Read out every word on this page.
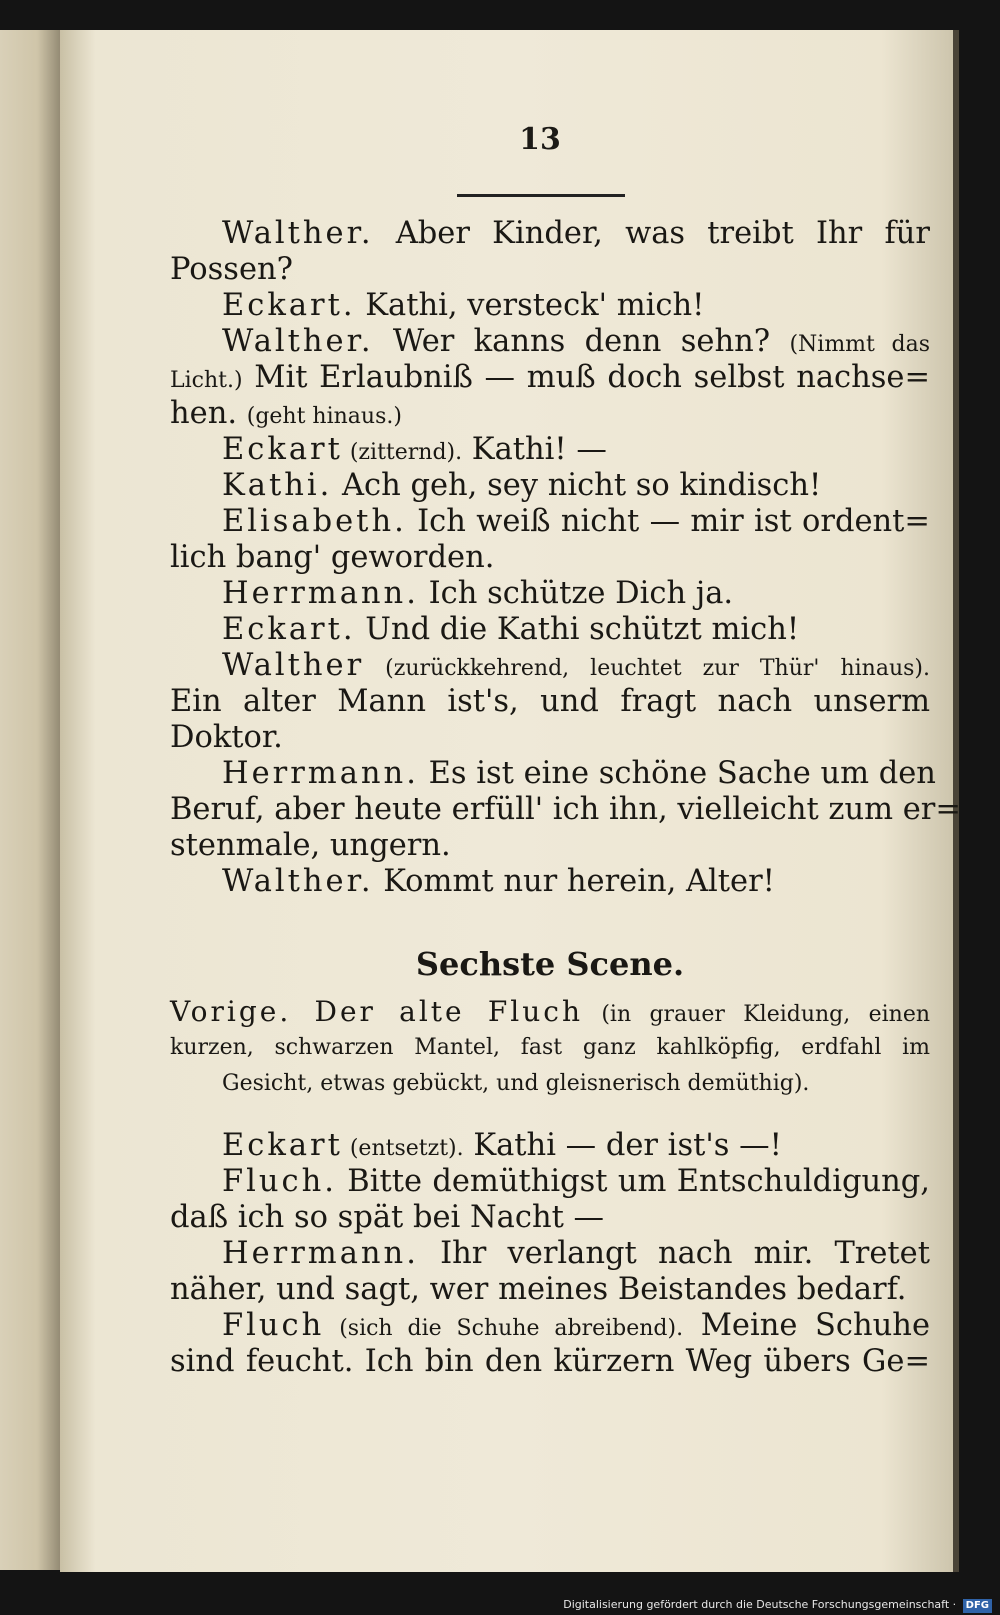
13
Walther. Aber Kinder, was treibt Ihr für
Possen?
Eckart. Kathi, versteck' mich!
Walther. Wer kanns denn sehn? (Nimmt das
Licht.) Mit Erlaubniß — muß doch selbst nachse=
hen. (geht hinaus.)
Eckart (zitternd). Kathi! —
Kathi. Ach geh, sey nicht so kindisch!
Elisabeth. Ich weiß nicht — mir ist ordent=
lich bang' geworden.
Herrmann. Ich schütze Dich ja.
Eckart. Und die Kathi schützt mich!
Walther (zurückkehrend, leuchtet zur Thür' hinaus).
Ein alter Mann ist's, und fragt nach unserm
Doktor.
Herrmann. Es ist eine schöne Sache um den
Beruf, aber heute erfüll' ich ihn, vielleicht zum er=
stenmale, ungern.
Walther. Kommt nur herein, Alter!
Sechste Scene.
Vorige. Der alte Fluch (in grauer Kleidung, einen
kurzen, schwarzen Mantel, fast ganz kahlköpfig, erdfahl im
Gesicht, etwas gebückt, und gleisnerisch demüthig).
Eckart (entsetzt). Kathi — der ist's —!
Fluch. Bitte demüthigst um Entschuldigung,
daß ich so spät bei Nacht —
Herrmann. Ihr verlangt nach mir. Tretet
näher, und sagt, wer meines Beistandes bedarf.
Fluch (sich die Schuhe abreibend). Meine Schuhe
sind feucht. Ich bin den kürzern Weg übers Ge=
Digitalisierung gefördert durch die Deutsche Forschungsgemeinschaft · DFG
